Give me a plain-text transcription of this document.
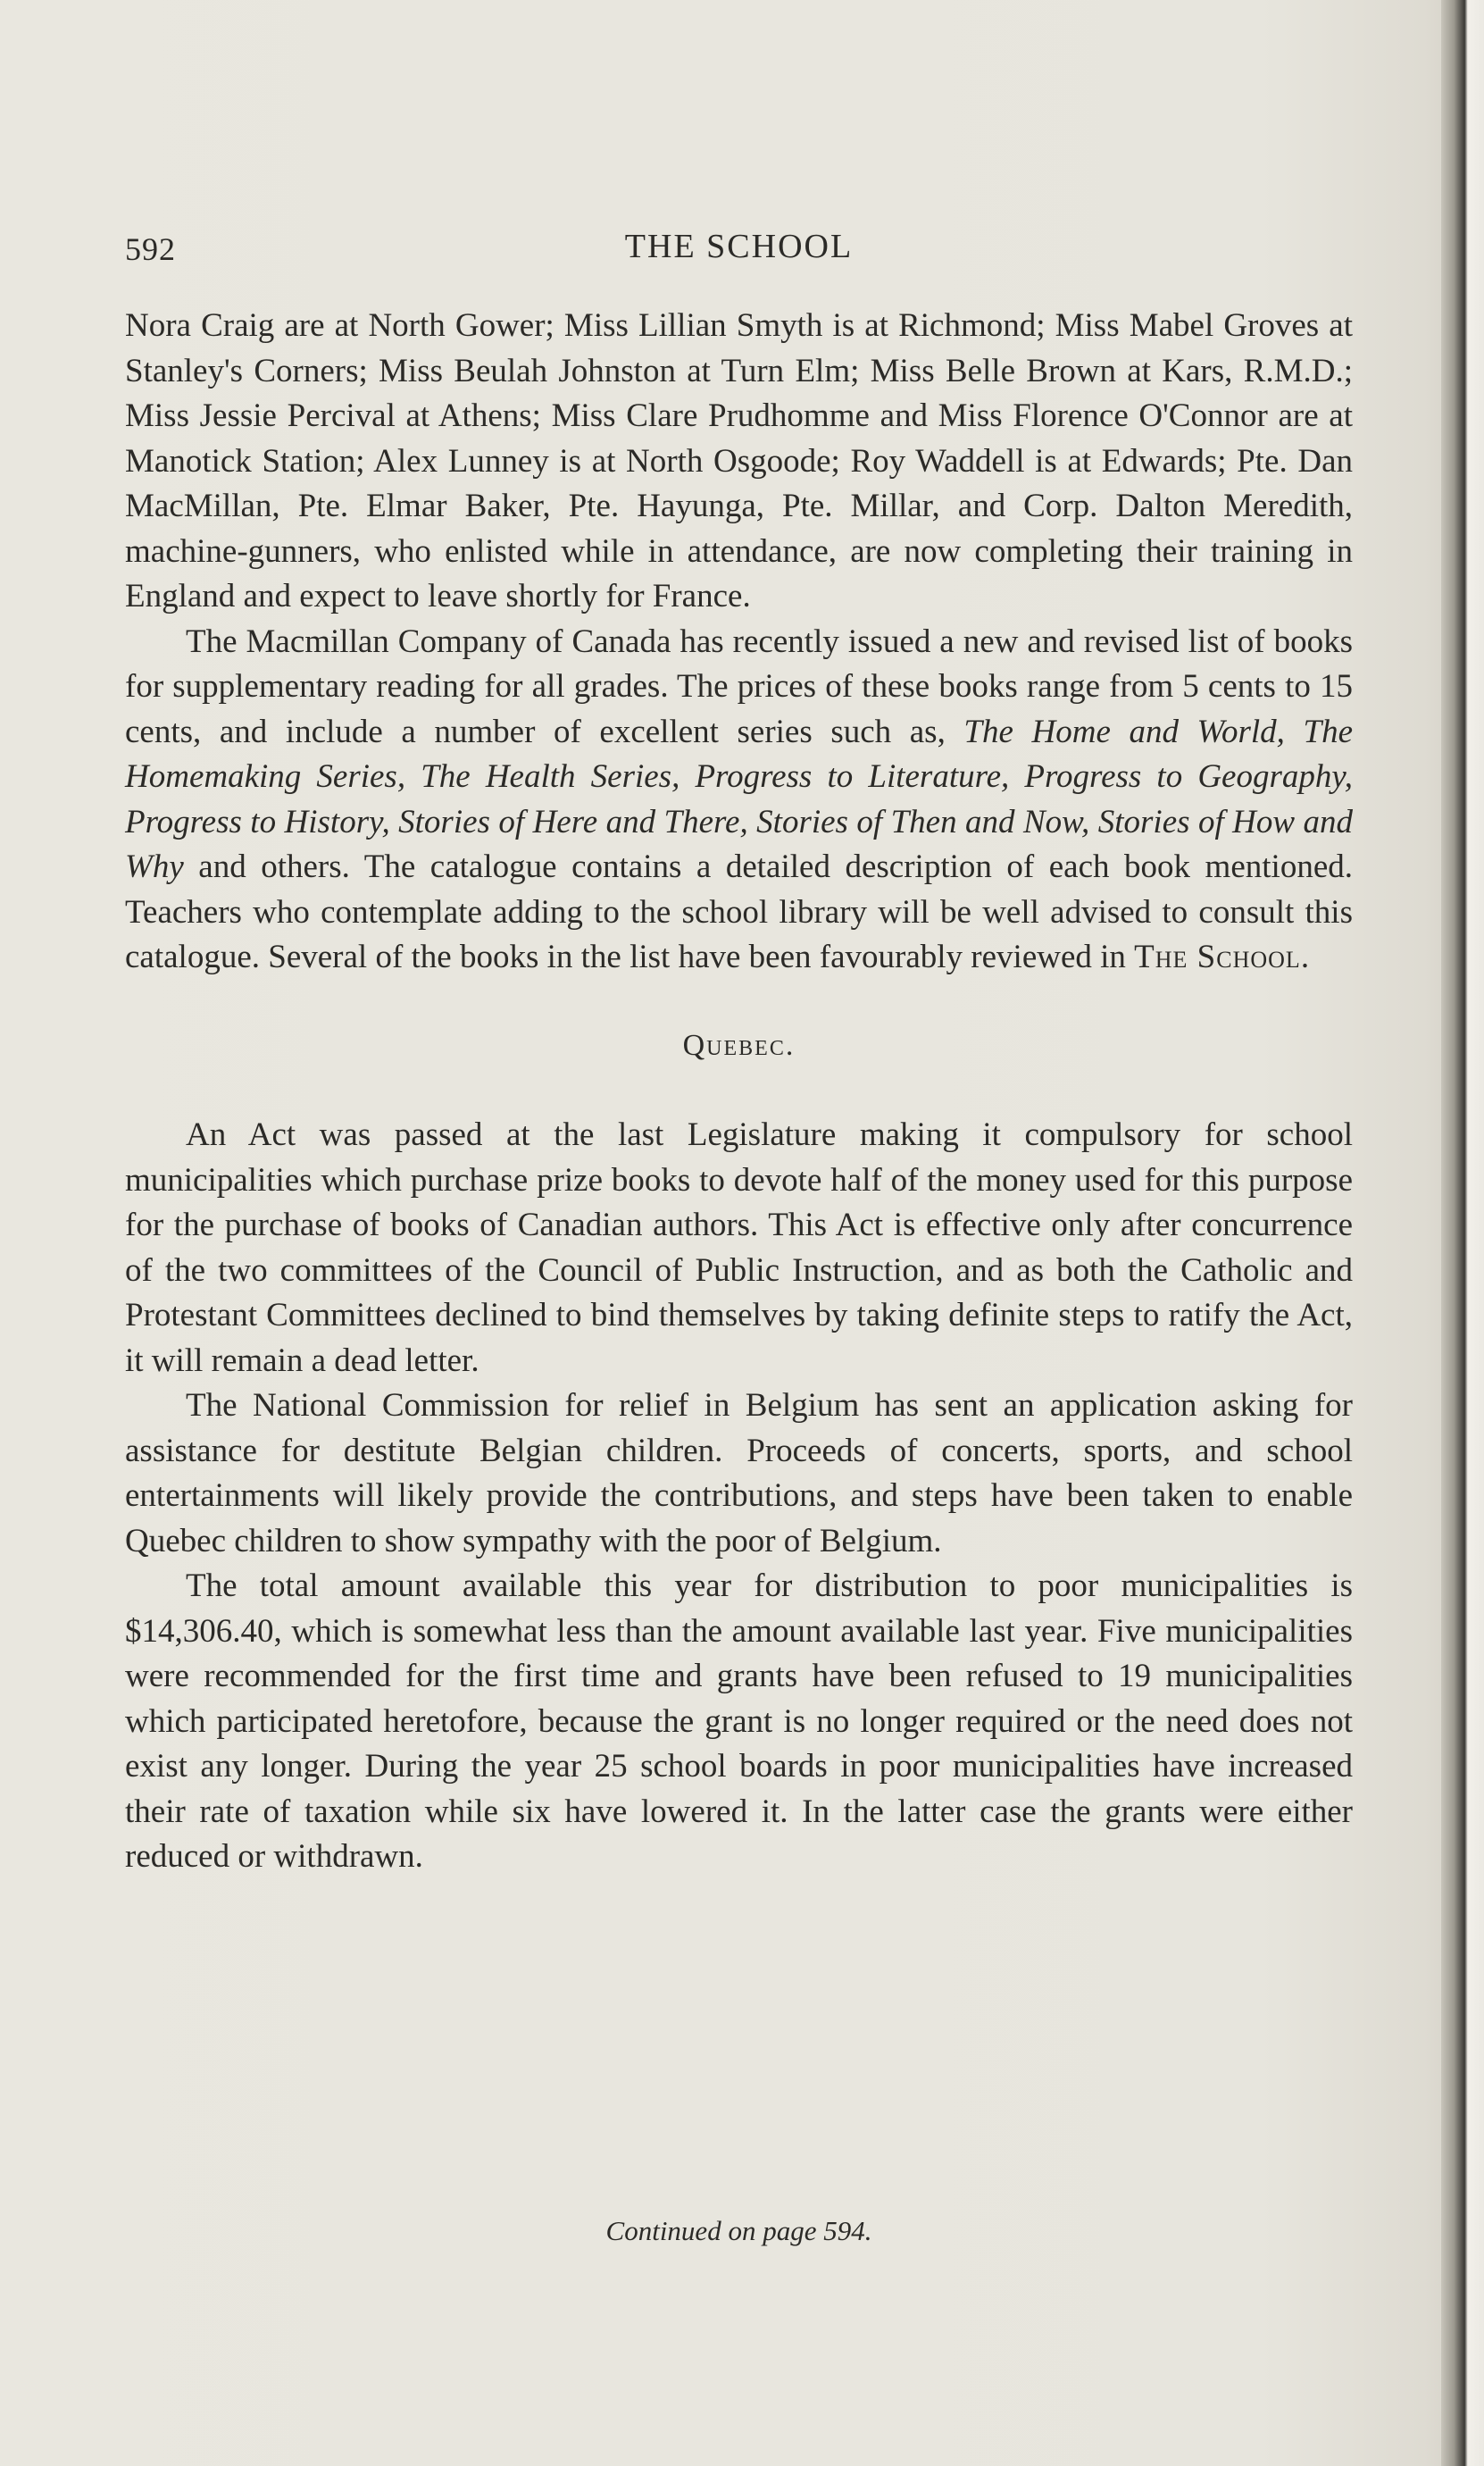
592	THE SCHOOL

Nora Craig are at North Gower; Miss Lillian Smyth is at Richmond; Miss Mabel Groves at Stanley's Corners; Miss Beulah Johnston at Turn Elm; Miss Belle Brown at Kars, R.M.D.; Miss Jessie Percival at Athens; Miss Clare Prudhomme and Miss Florence O'Connor are at Manotick Station; Alex Lunney is at North Osgoode; Roy Waddell is at Edwards; Pte. Dan MacMillan, Pte. Elmar Baker, Pte. Hayunga, Pte. Millar, and Corp. Dalton Meredith, machine-gunners, who enlisted while in attendance, are now completing their training in England and expect to leave shortly for France.

The Macmillan Company of Canada has recently issued a new and revised list of books for supplementary reading for all grades. The prices of these books range from 5 cents to 15 cents, and include a number of excellent series such as, The Home and World, The Homemaking Series, The Health Series, Progress to Literature, Progress to Geography, Progress to History, Stories of Here and There, Stories of Then and Now, Stories of How and Why and others. The catalogue contains a detailed description of each book mentioned. Teachers who contemplate adding to the school library will be well advised to consult this catalogue. Several of the books in the list have been favourably reviewed in The School.

Quebec.

An Act was passed at the last Legislature making it compulsory for school municipalities which purchase prize books to devote half of the money used for this purpose for the purchase of books of Canadian authors. This Act is effective only after concurrence of the two committees of the Council of Public Instruction, and as both the Catholic and Protestant Committees declined to bind themselves by taking definite steps to ratify the Act, it will remain a dead letter.

The National Commission for relief in Belgium has sent an application asking for assistance for destitute Belgian children. Proceeds of concerts, sports, and school entertainments will likely provide the contributions, and steps have been taken to enable Quebec children to show sympathy with the poor of Belgium.

The total amount available this year for distribution to poor municipalities is $14,306.40, which is somewhat less than the amount available last year. Five municipalities were recommended for the first time and grants have been refused to 19 municipalities which participated heretofore, because the grant is no longer required or the need does not exist any longer. During the year 25 school boards in poor municipalities have increased their rate of taxation while six have lowered it. In the latter case the grants were either reduced or withdrawn.

Continued on page 594.
